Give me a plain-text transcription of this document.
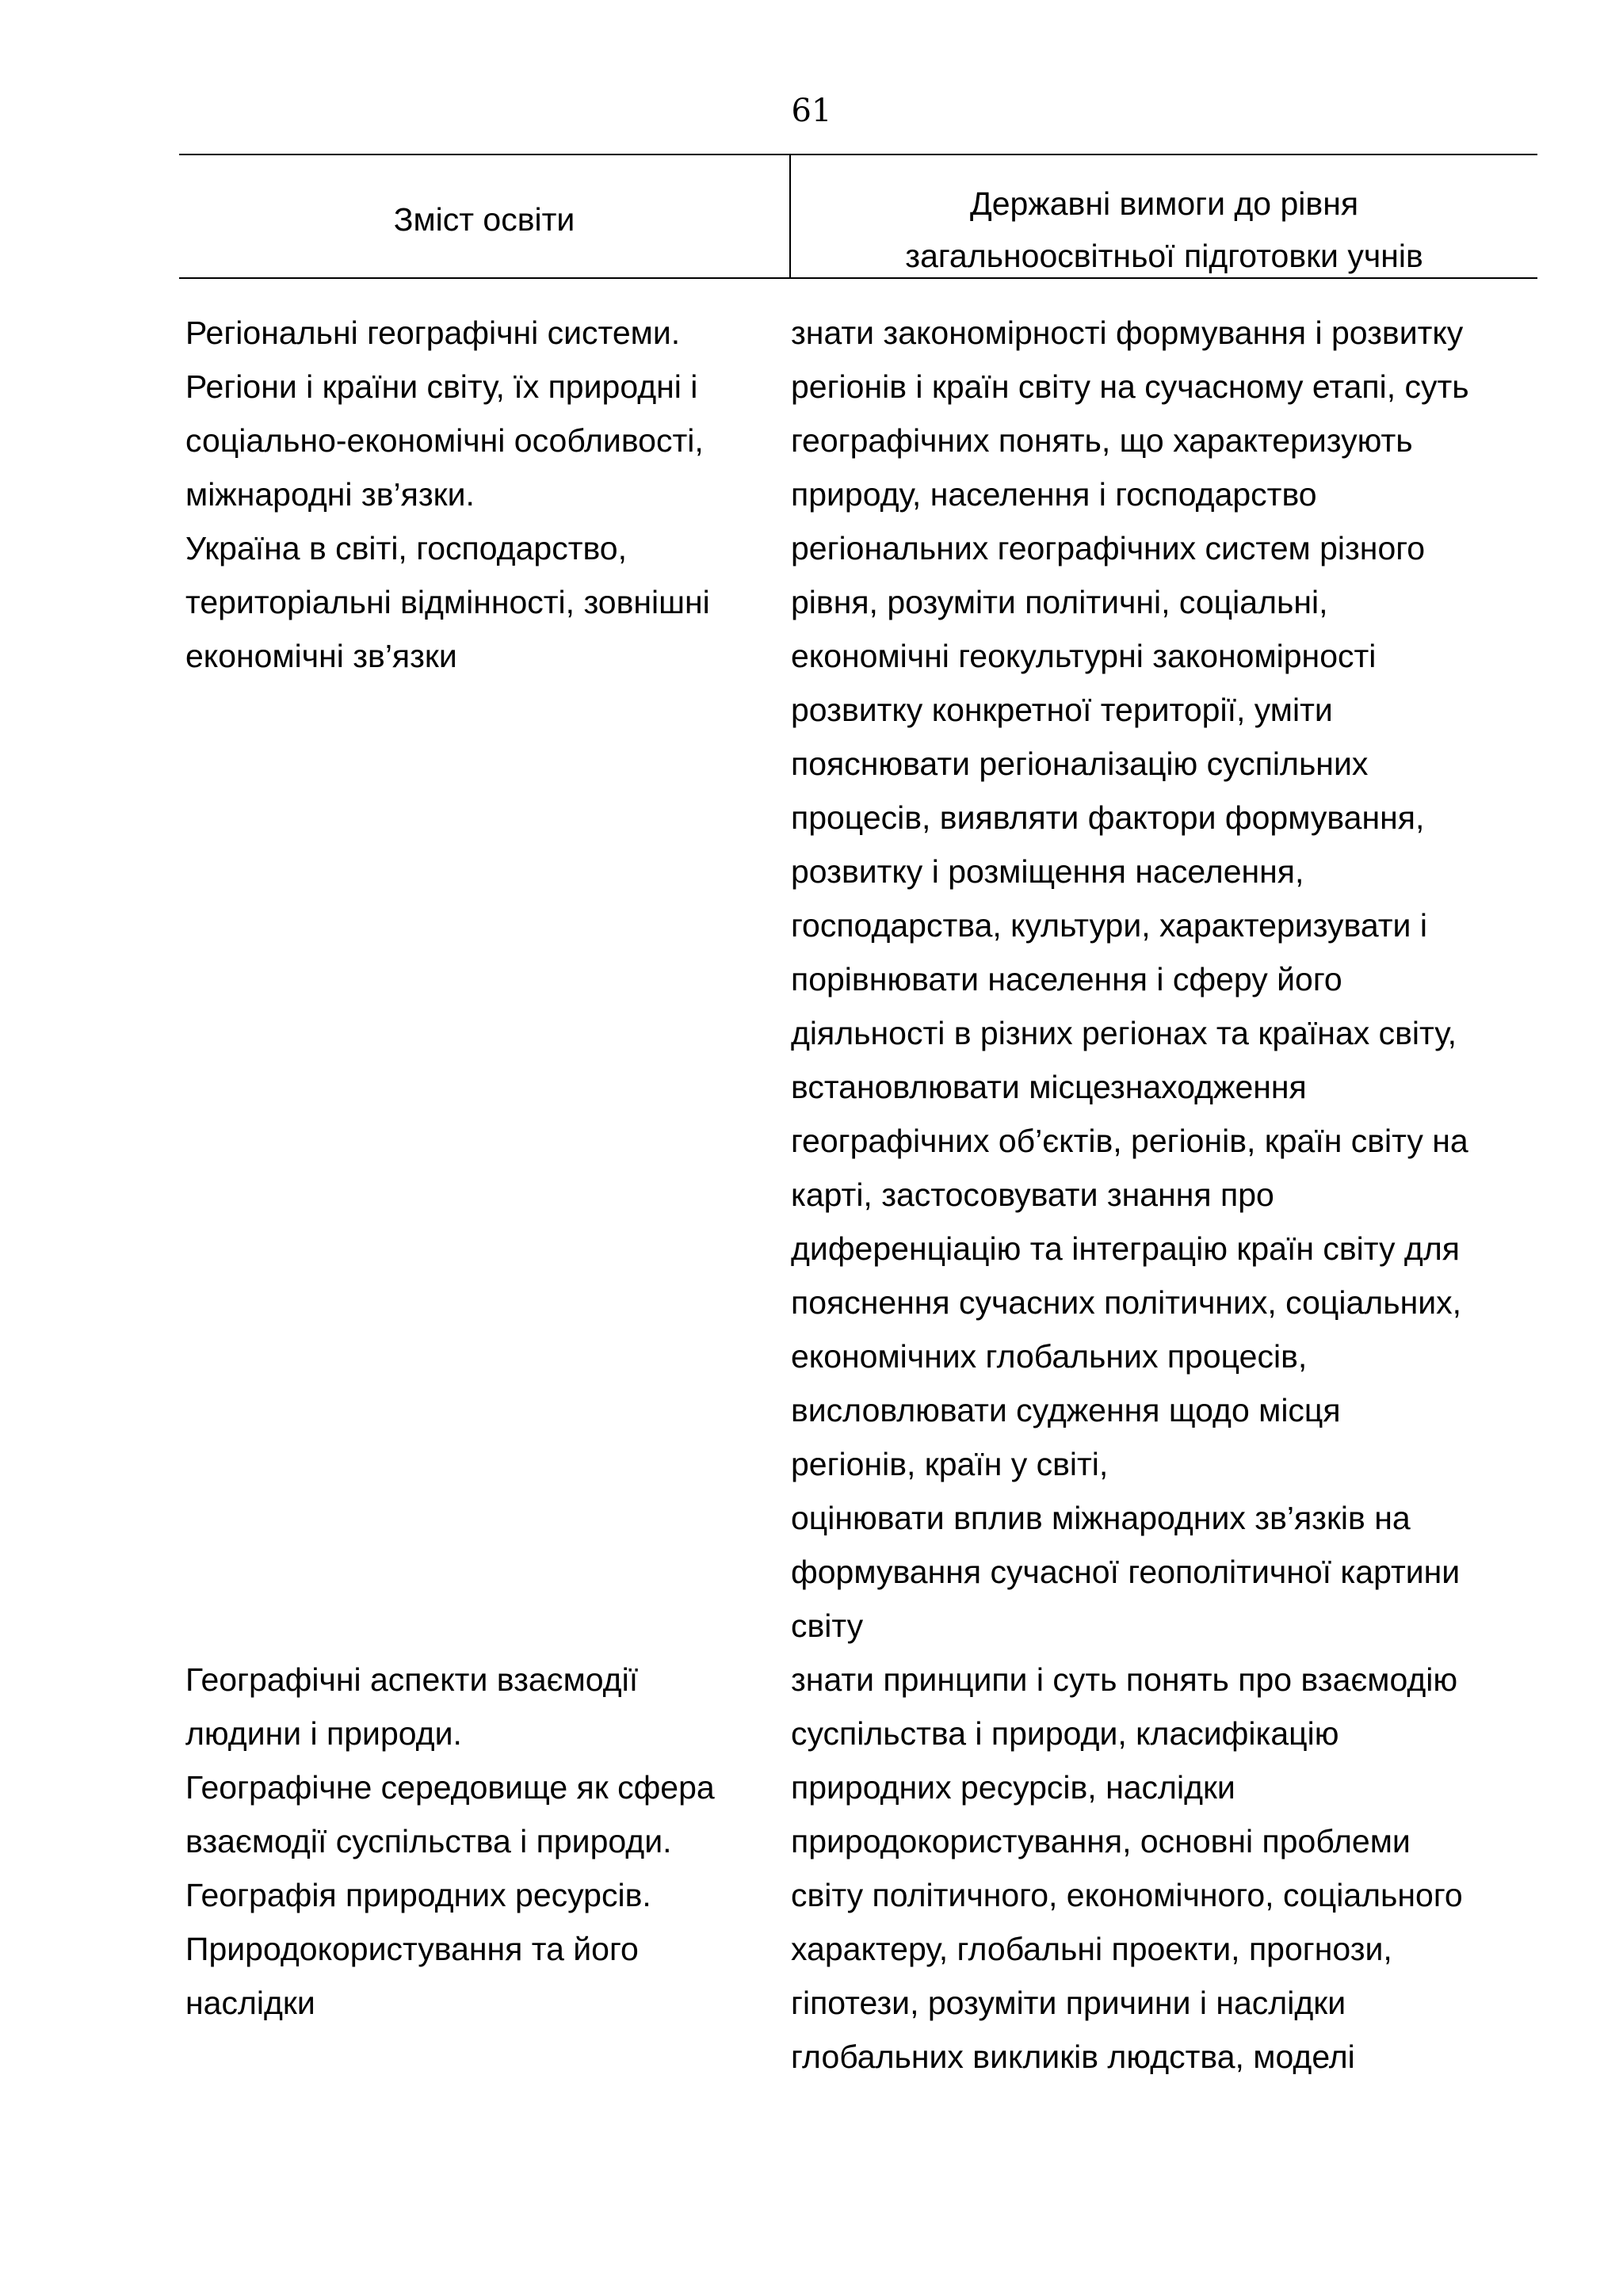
61
Зміст освіти	Державні вимоги до рівня
загальноосвітньої підготовки учнів
Регіональні географічні системи.
Регіони і країни світу, їх природні і
соціально-економічні особливості,
міжнародні зв’язки.
Україна в світі, господарство,
територіальні відмінності, зовнішні
економічні зв’язки
знати закономірності формування і розвитку
регіонів і країн світу на сучасному етапі, суть
географічних понять, що характеризують
природу, населення і господарство
регіональних географічних систем різного
рівня, розуміти політичні, соціальні,
економічні геокультурні закономірності
розвитку конкретної території, уміти
пояснювати регіоналізацію суспільних
процесів, виявляти фактори формування,
розвитку і розміщення населення,
господарства, культури, характеризувати і
порівнювати населення і сферу його
діяльності в різних регіонах та країнах світу,
встановлювати місцезнаходження
географічних об’єктів, регіонів, країн світу на
карті, застосовувати знання про
диференціацію та інтеграцію країн світу для
пояснення сучасних політичних, соціальних,
економічних глобальних процесів,
висловлювати судження щодо місця
регіонів, країн у світі,
оцінювати вплив міжнародних зв’язків на
формування сучасної геополітичної картини
світу
Географічні аспекти взаємодії
людини і природи.
Географічне середовище як сфера
взаємодії суспільства і природи.
Географія природних ресурсів.
Природокористування та його
наслідки
знати принципи і суть понять про взаємодію
суспільства і природи, класифікацію
природних ресурсів, наслідки
природокористування, основні проблеми
світу політичного, економічного, соціального
характеру, глобальні проекти, прогнози,
гіпотези, розуміти причини і наслідки
глобальних викликів людства, моделі
